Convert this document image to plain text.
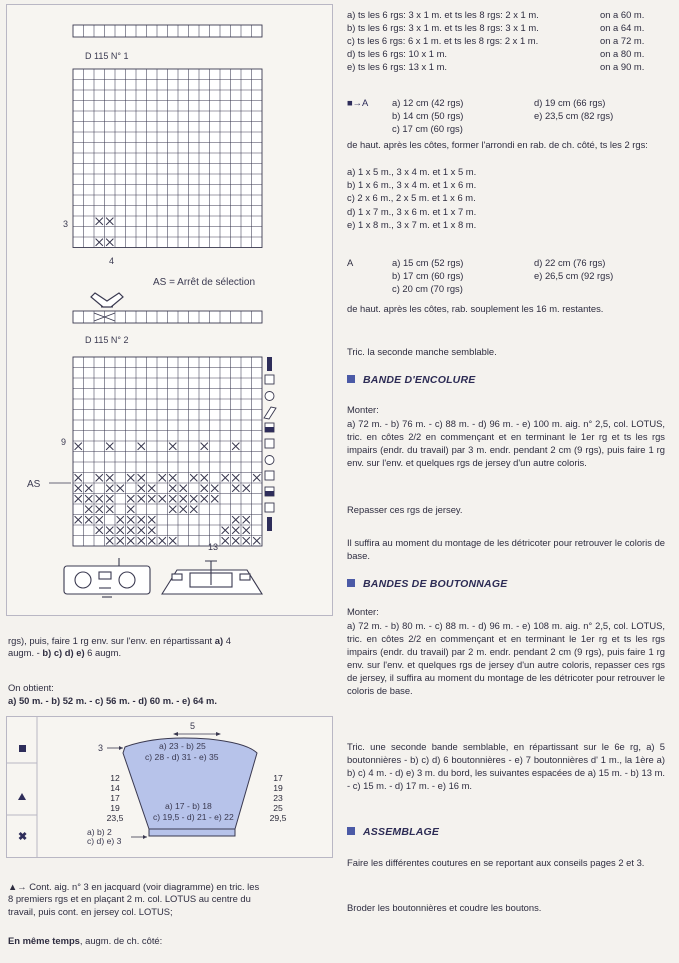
D 115 N° 1
3
4
AS = Arrêt de sélection
D 115 N° 2
9
AS
13
rgs), puis, faire 1 rg env. sur l'env. en répartissant a) 4
augm. - b) c) d) e) 6 augm.
On obtient:
a) 50 m. - b) 52 m. - c) 56 m. - d) 60 m. - e) 64 m.
✖
5
3	a) 23 - b) 25
c) 28 - d) 31 - e) 35
12
14
17
19
23,5
17
19
23
25
29,5
a) 17 - b) 18
c) 19,5 - d) 21 - e) 22
a) b) 2
c) d) e) 3
▲→ Cont. aig. n° 3 en jacquard (voir diagramme) en tric. les
8 premiers rgs et en plaçant 2 m. col. LOTUS au centre du
travail, puis cont. en jersey col. LOTUS;
En même temps, augm. de ch. côté:
a) ts les 6 rgs: 3 x 1 m. et ts les 8 rgs: 2 x 1 m.	on a 60 m.
b) ts les 6 rgs: 3 x 1 m. et ts les 8 rgs: 3 x 1 m.	on a 64 m.
c) ts les 6 rgs: 6 x 1 m. et ts les 8 rgs: 2 x 1 m.	on a 72 m.
d) ts les 6 rgs: 10 x 1 m.	on a 80 m.
e) ts les 6 rgs: 13 x 1 m.	on a 90 m.
■→A	a) 12 cm (42 rgs)	d) 19 cm (66 rgs)
b) 14 cm (50 rgs)	e) 23,5 cm (82 rgs)
c) 17 cm (60 rgs)
de haut. après les côtes, former l'arrondi en rab. de ch. côté, ts les 2 rgs:
a) 1 x 5 m., 3 x 4 m. et 1 x 5 m.
b) 1 x 6 m., 3 x 4 m. et 1 x 6 m.
c) 2 x 6 m., 2 x 5 m. et 1 x 6 m.
d) 1 x 7 m., 3 x 6 m. et 1 x 7 m.
e) 1 x 8 m., 3 x 7 m. et 1 x 8 m.
A	a) 15 cm (52 rgs)	d) 22 cm (76 rgs)
b) 17 cm (60 rgs)	e) 26,5 cm (92 rgs)
c) 20 cm (70 rgs)
de haut. après les côtes, rab. souplement les 16 m. restantes.
Tric. la seconde manche semblable.
BANDE D'ENCOLURE
Monter:
a) 72 m. - b) 76 m. - c) 88 m. - d) 96 m. - e) 100 m. aig. n° 2,5, col. LOTUS, tric. en côtes 2/2 en commençant et en terminant le 1er rg et ts les rgs impairs (endr. du travail) par 3 m. endr. pendant 2 cm (9 rgs), puis faire 1 rg env. sur l'env. et quelques rgs de jersey d'un autre coloris.
Repasser ces rgs de jersey.
Il suffira au moment du montage de les détricoter pour retrouver le coloris de base.
BANDES DE BOUTONNAGE
Monter:
a) 72 m. - b) 80 m. - c) 88 m. - d) 96 m. - e) 108 m. aig. n° 2,5, col. LOTUS, tric. en côtes 2/2 en commençant et en terminant le 1er rg et ts les rgs impairs (endr. du travail) par 2 m. endr. pendant 2 cm (9 rgs), puis faire 1 rg env. sur l'env. et quelques rgs de jersey d'un autre coloris, repasser ces rgs de jersey, il suffira au moment du montage de les détricoter pour retrouver le coloris de base.
Tric. une seconde bande semblable, en répartissant sur le 6e rg, a) 5 boutonnières - b) c) d) 6 boutonnières - e) 7 boutonnières d' 1 m., la 1ère a) b) c) 4 m. - d) e) 3 m. du bord, les suivantes espacées de a) 15 m. - b) 13 m. - c) 15 m. - d) 17 m. - e) 16 m.
ASSEMBLAGE
Faire les différentes coutures en se reportant aux conseils pages 2 et 3.
Broder les boutonnières et coudre les boutons.
